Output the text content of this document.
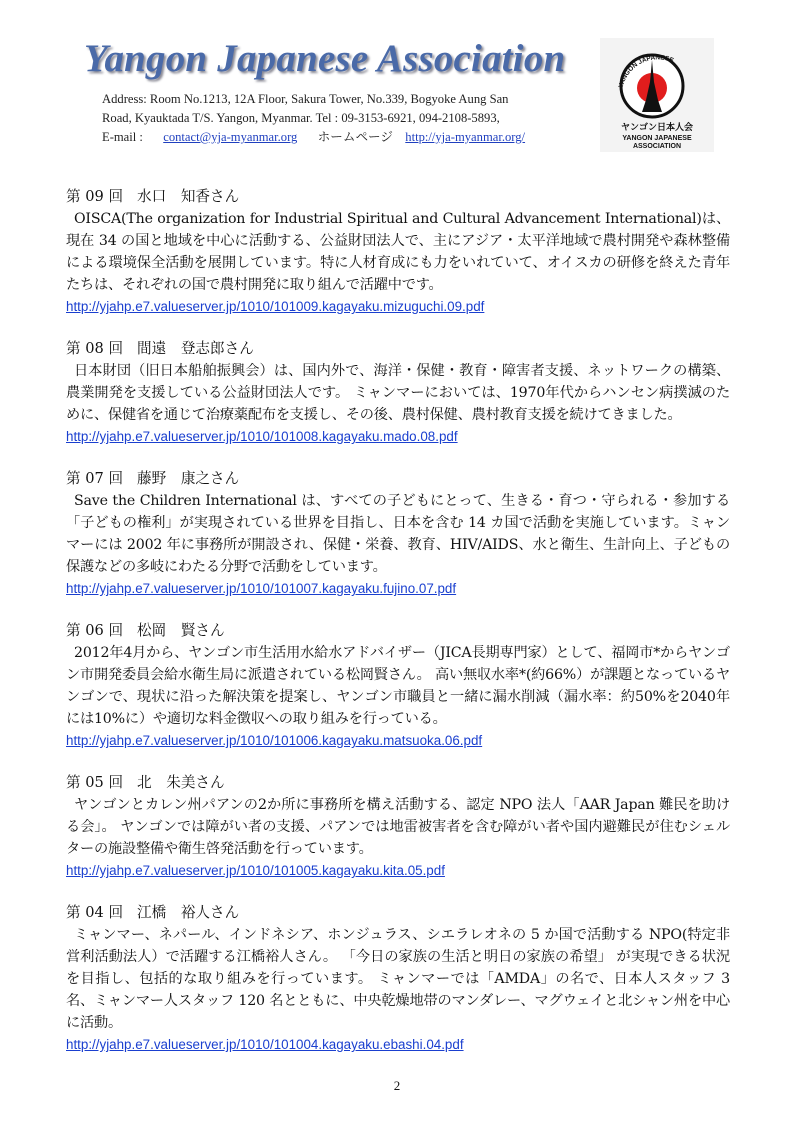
Yangon Japanese Association
Address: Room No.1213, 12A Floor, Sakura Tower, No.339, Bogyoke Aung San
Road, Kyauktada T/S. Yangon, Myanmar. Tel : 09-3153-6921, 094-2108-5893,
E-mail : contact@yja-myanmar.org ホームページ http://yja-myanmar.org/
YANGON JAPANESE
ヤンゴン日本人会
YANGON JAPANESE
ASSOCIATION
第 09 回 水口　知香さん
OISCA(The organization for Industrial Spiritual and Cultural Advancement International)は、現在 34 の国と地域を中心に活動する、公益財団法人で、主にアジア・太平洋地域で農村開発や森林整備による環境保全活動を展開しています。特に人材育成にも力をいれていて、オイスカの研修を終えた青年たちは、それぞれの国で農村開発に取り組んで活躍中です。
http://yjahp.e7.valueserver.jp/1010/101009.kagayaku.mizuguchi.09.pdf
第 08 回 間遠　登志郎さん
日本財団（旧日本船舶振興会）は、国内外で、海洋・保健・教育・障害者支援、ネットワークの構築、農業開発を支援している公益財団法人です。 ミャンマーにおいては、1970年代からハンセン病撲滅のために、保健省を通じて治療薬配布を支援し、その後、農村保健、農村教育支援を続けてきました。
http://yjahp.e7.valueserver.jp/1010/101008.kagayaku.mado.08.pdf
第 07 回 藤野　康之さん
Save the Children International は、すべての子どもにとって、生きる・育つ・守られる・参加する「子どもの権利」が実現されている世界を目指し、日本を含む 14 カ国で活動を実施しています。ミャンマーには 2002 年に事務所が開設され、保健・栄養、教育、HIV/AIDS、水と衛生、生計向上、子どもの保護などの多岐にわたる分野で活動をしています。
http://yjahp.e7.valueserver.jp/1010/101007.kagayaku.fujino.07.pdf
第 06 回 松岡　賢さん
2012年4月から、ヤンゴン市生活用水給水アドバイザー（JICA長期専門家）として、福岡市*からヤンゴン市開発委員会給水衛生局に派遣されている松岡賢さん。 高い無収水率*(約66%）が課題となっているヤンゴンで、現状に沿った解決策を提案し、ヤンゴン市職員と一緒に漏水削減（漏水率：約50%を2040年には10%に）や適切な料金徴収への取り組みを行っている。
http://yjahp.e7.valueserver.jp/1010/101006.kagayaku.matsuoka.06.pdf
第 05 回 北　朱美さん
ヤンゴンとカレン州パアンの2か所に事務所を構え活動する、認定 NPO 法人「AAR Japan 難民を助ける会」。 ヤンゴンでは障がい者の支援、パアンでは地雷被害者を含む障がい者や国内避難民が住むシェルターの施設整備や衛生啓発活動を行っています。
http://yjahp.e7.valueserver.jp/1010/101005.kagayaku.kita.05.pdf
第 04 回 江橋　裕人さん
ミャンマー、ネパール、インドネシア、ホンジュラス、シエラレオネの 5 か国で活動する NPO(特定非営利活動法人）で活躍する江橋裕人さん。 「今日の家族の生活と明日の家族の希望」 が実現できる状況を目指し、包括的な取り組みを行っています。 ミャンマーでは「AMDA」の名で、日本人スタッフ 3 名、ミャンマー人スタッフ 120 名とともに、中央乾燥地帯のマンダレー、マグウェイと北シャン州を中心に活動。
http://yjahp.e7.valueserver.jp/1010/101004.kagayaku.ebashi.04.pdf
2
